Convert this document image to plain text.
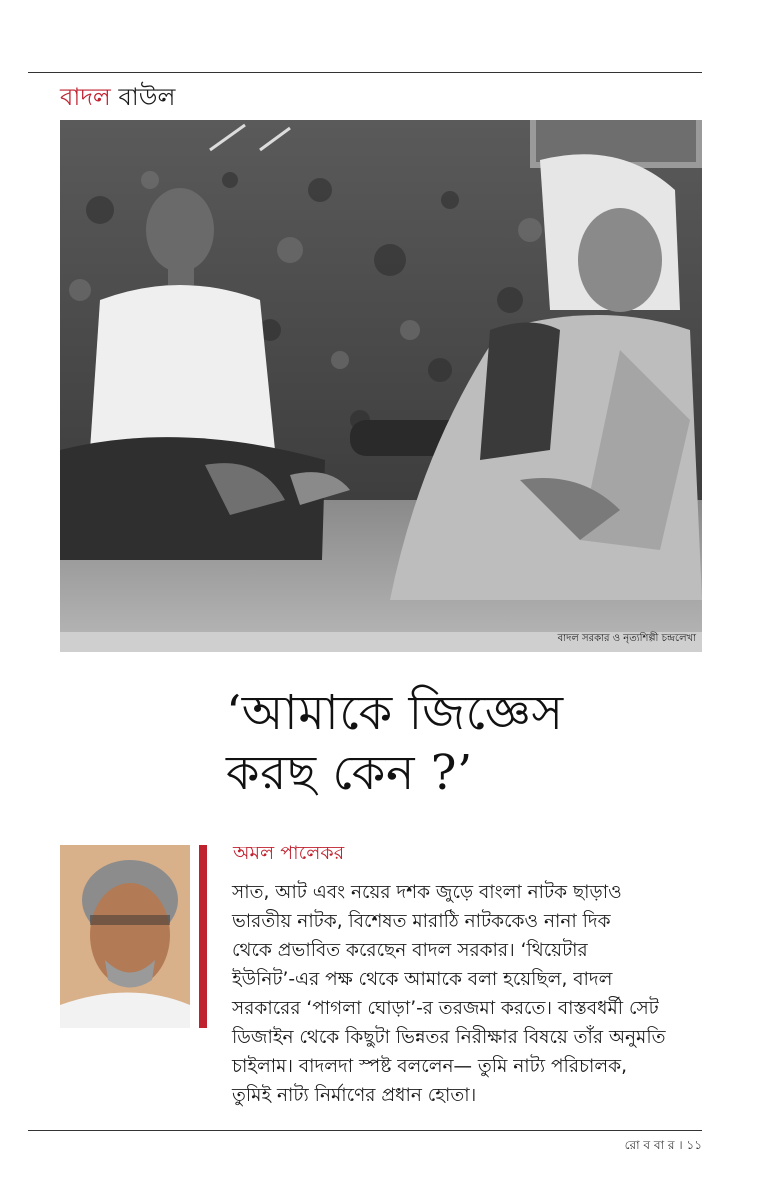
বাদল বাউল
বাদল সরকার ও নৃত্যশিল্পী চন্দ্রলেখা
‘আমাকে জিজ্ঞেস
করছ কেন ?’
অমল পালেকর
সাত, আট এবং নয়ের দশক জুড়ে বাংলা নাটক ছাড়াও
ভারতীয় নাটক, বিশেষত মারাঠি নাটককেও নানা দিক
থেকে প্রভাবিত করেছেন বাদল সরকার। ‘থিয়েটার
ইউনিট’-এর পক্ষ থেকে আমাকে বলা হয়েছিল, বাদল
সরকারের ‘পাগলা ঘোড়া’-র তরজমা করতে। বাস্তবধর্মী সেট
ডিজাইন থেকে কিছুটা ভিন্নতর নিরীক্ষার বিষয়ে তাঁর অনুমতি
চাইলাম। বাদলদা স্পষ্ট বললেন— তুমি নাট্য পরিচালক,
তুমিই নাট্য নির্মাণের প্রধান হোতা।
রো ব বা র । ১১
